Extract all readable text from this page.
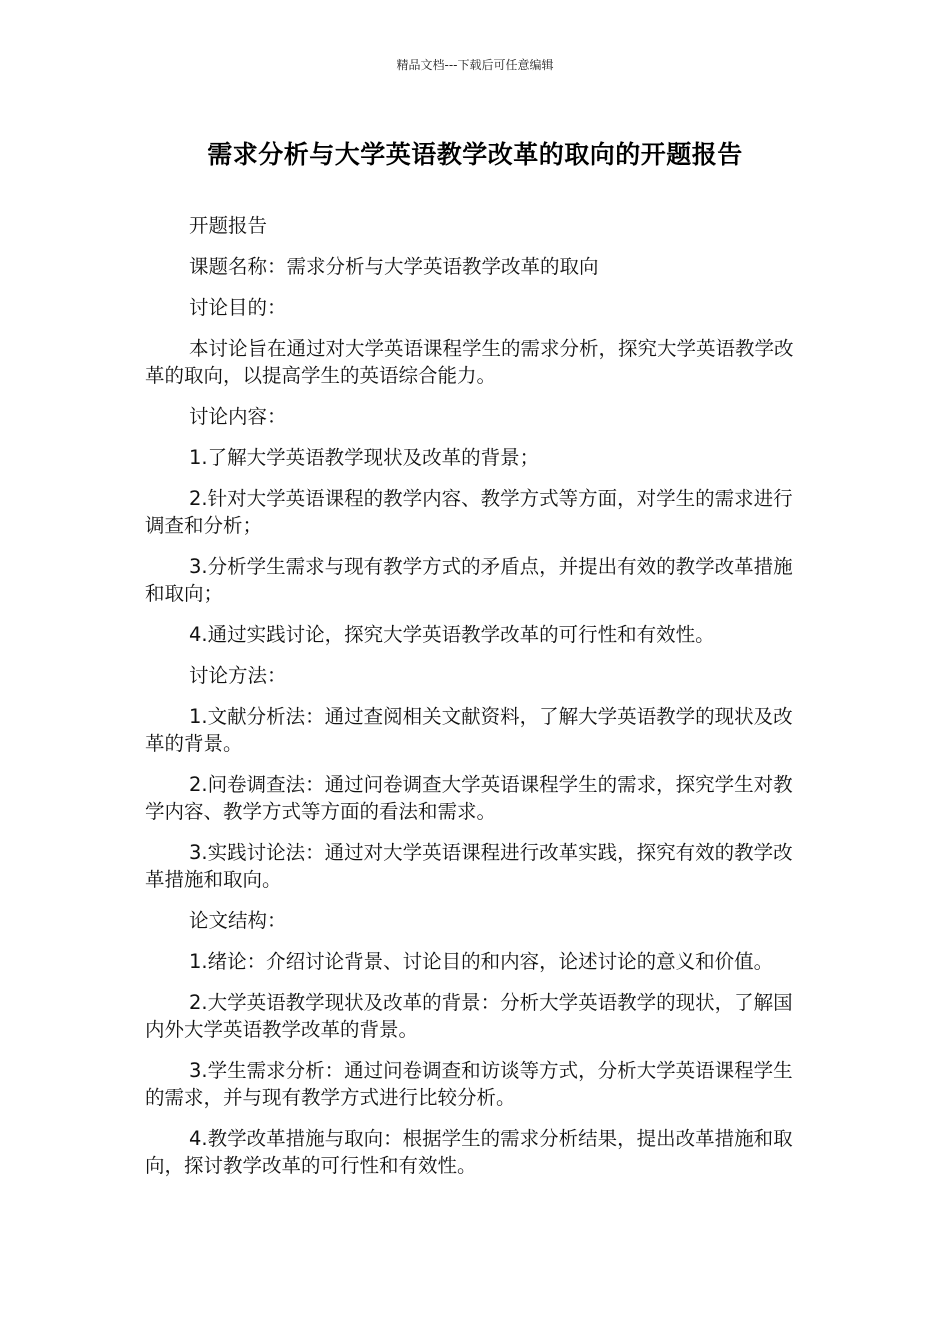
精品文档---下载后可任意编辑
需求分析与大学英语教学改革的取向的开题报告

开题报告

课题名称：需求分析与大学英语教学改革的取向

讨论目的：

本讨论旨在通过对大学英语课程学生的需求分析，探究大学英语教学改革的取向，以提高学生的英语综合能力。

讨论内容：

1.了解大学英语教学现状及改革的背景；

2.针对大学英语课程的教学内容、教学方式等方面，对学生的需求进行调查和分析；

3.分析学生需求与现有教学方式的矛盾点，并提出有效的教学改革措施和取向；

4.通过实践讨论，探究大学英语教学改革的可行性和有效性。

讨论方法：

1.文献分析法：通过查阅相关文献资料，了解大学英语教学的现状及改革的背景。

2.问卷调查法：通过问卷调查大学英语课程学生的需求，探究学生对教学内容、教学方式等方面的看法和需求。

3.实践讨论法：通过对大学英语课程进行改革实践，探究有效的教学改革措施和取向。

论文结构：

1.绪论：介绍讨论背景、讨论目的和内容，论述讨论的意义和价值。

2.大学英语教学现状及改革的背景：分析大学英语教学的现状，了解国内外大学英语教学改革的背景。

3.学生需求分析：通过问卷调查和访谈等方式，分析大学英语课程学生的需求，并与现有教学方式进行比较分析。

4.教学改革措施与取向：根据学生的需求分析结果，提出改革措施和取向，探讨教学改革的可行性和有效性。
